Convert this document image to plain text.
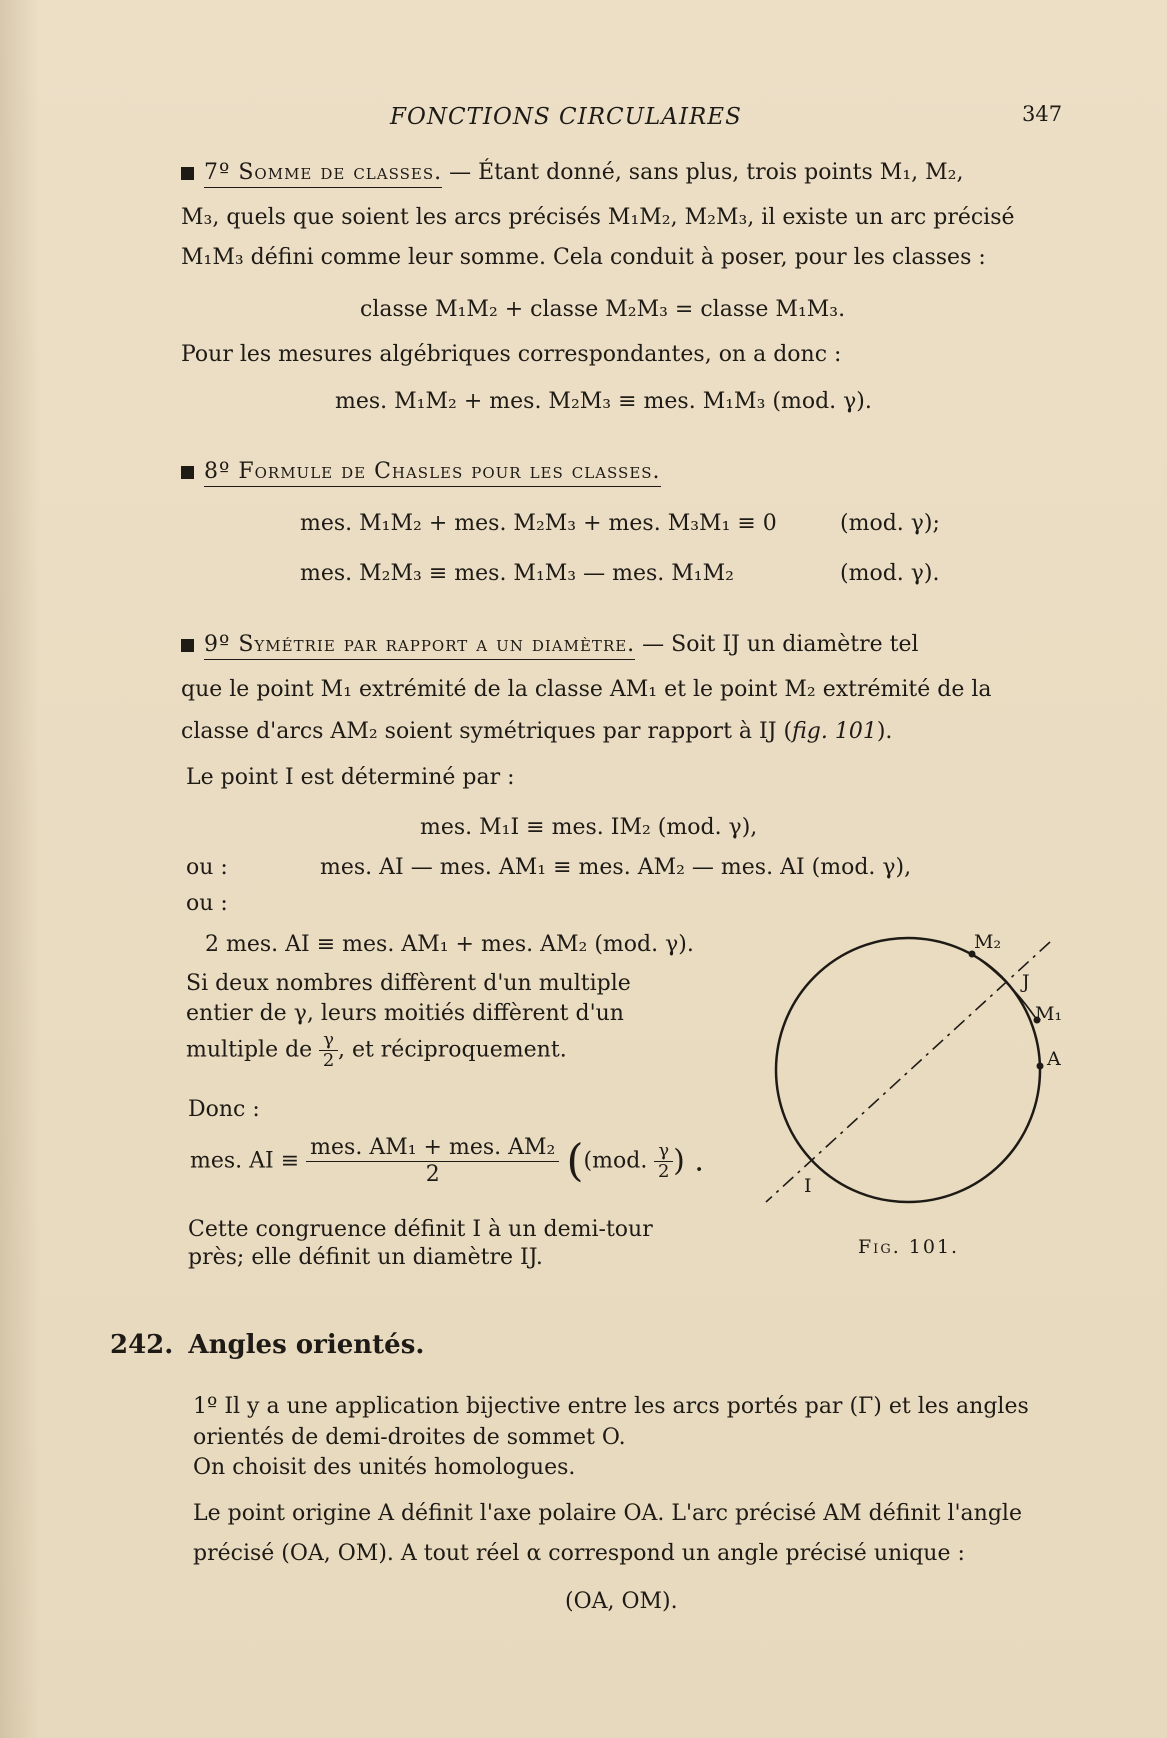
FONCTIONS CIRCULAIRES	347
7º Somme de classes. — Étant donné, sans plus, trois points M₁, M₂,
M₃, quels que soient les arcs précisés M₁M₂, M₂M₃, il existe un arc précisé
M₁M₃ défini comme leur somme. Cela conduit à poser, pour les classes :
classe M₁M₂ + classe M₂M₃ = classe M₁M₃.
Pour les mesures algébriques correspondantes, on a donc :
mes. M₁M₂ + mes. M₂M₃ ≡ mes. M₁M₃ (mod. γ).
8º Formule de Chasles pour les classes.
mes. M₁M₂ + mes. M₂M₃ + mes. M₃M₁ ≡ 0	(mod. γ);
mes. M₂M₃ ≡ mes. M₁M₃ — mes. M₁M₂	(mod. γ).
9º Symétrie par rapport a un diamètre. — Soit IJ un diamètre tel
que le point M₁ extrémité de la classe AM₁ et le point M₂ extrémité de la
classe d'arcs AM₂ soient symétriques par rapport à IJ (fig. 101).
Le point I est déterminé par :
mes. M₁I ≡ mes. IM₂ (mod. γ),
ou :	mes. AI — mes. AM₁ ≡ mes. AM₂ — mes. AI (mod. γ),
ou :
2 mes. AI ≡ mes. AM₁ + mes. AM₂ (mod. γ).
Si deux nombres diffèrent d'un multiple
entier de γ, leurs moitiés diffèrent d'un
multiple de $\frac{\gamma}{2}$ , et réciproquement.
Donc :
mes. AI ≡ $\frac{\text{mes. AM₁ + mes. AM₂}}{2} ((mod$. $\frac{\gamma}{2}$ ) .
Cette congruence définit I à un demi-tour
près; elle définit un diamètre IJ.
M₂
J
M₁
A
I
Fig. 101.
242. Angles orientés.
1º Il y a une application bijective entre les arcs portés par (Γ) et les angles
orientés de demi-droites de sommet O.
On choisit des unités homologues.
Le point origine A définit l'axe polaire OA. L'arc précisé AM définit l'angle
précisé (OA, OM). A tout réel α correspond un angle précisé unique :
(OA, OM).
